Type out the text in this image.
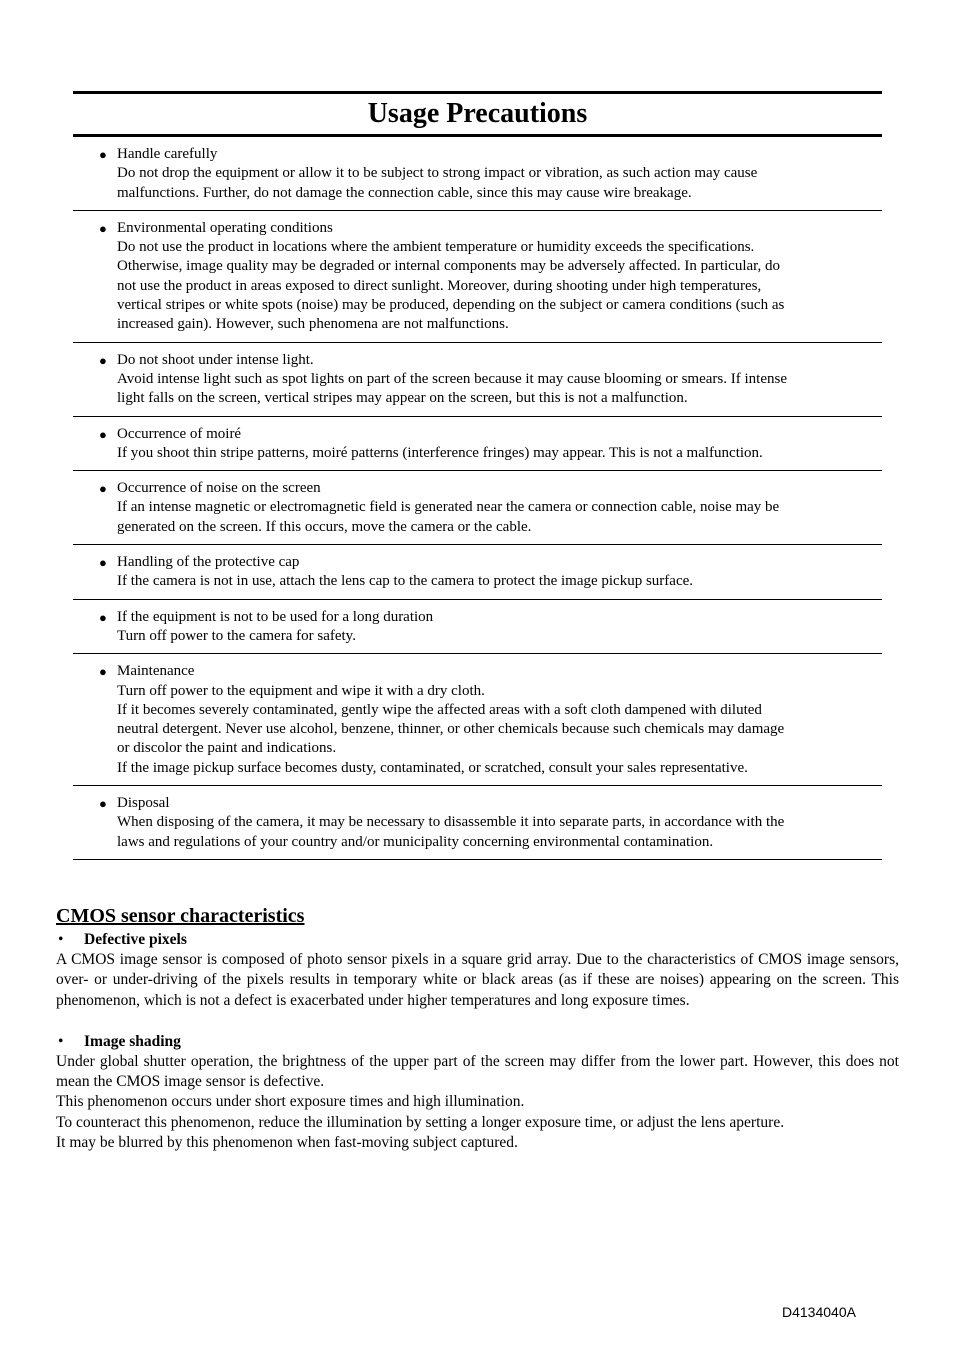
Usage Precautions
● Handle carefully
Do not drop the equipment or allow it to be subject to strong impact or vibration, as such action may cause
malfunctions. Further, do not damage the connection cable, since this may cause wire breakage.
● Environmental operating conditions
Do not use the product in locations where the ambient temperature or humidity exceeds the specifications.
Otherwise, image quality may be degraded or internal components may be adversely affected. In particular, do
not use the product in areas exposed to direct sunlight. Moreover, during shooting under high temperatures,
vertical stripes or white spots (noise) may be produced, depending on the subject or camera conditions (such as
increased gain). However, such phenomena are not malfunctions.
● Do not shoot under intense light.
Avoid intense light such as spot lights on part of the screen because it may cause blooming or smears. If intense
light falls on the screen, vertical stripes may appear on the screen, but this is not a malfunction.
● Occurrence of moiré
If you shoot thin stripe patterns, moiré patterns (interference fringes) may appear. This is not a malfunction.
● Occurrence of noise on the screen
If an intense magnetic or electromagnetic field is generated near the camera or connection cable, noise may be
generated on the screen. If this occurs, move the camera or the cable.
● Handling of the protective cap
If the camera is not in use, attach the lens cap to the camera to protect the image pickup surface.
● If the equipment is not to be used for a long duration
Turn off power to the camera for safety.
● Maintenance
Turn off power to the equipment and wipe it with a dry cloth.
If it becomes severely contaminated, gently wipe the affected areas with a soft cloth dampened with diluted
neutral detergent. Never use alcohol, benzene, thinner, or other chemicals because such chemicals may damage
or discolor the paint and indications.
If the image pickup surface becomes dusty, contaminated, or scratched, consult your sales representative.
● Disposal
When disposing of the camera, it may be necessary to disassemble it into separate parts, in accordance with the
laws and regulations of your country and/or municipality concerning environmental contamination.
CMOS sensor characteristics
• Defective pixels
A CMOS image sensor is composed of photo sensor pixels in a square grid array. Due to the characteristics of CMOS image sensors, over- or under-driving of the pixels results in temporary white or black areas (as if these are noises) appearing on the screen. This phenomenon, which is not a defect is exacerbated under higher temperatures and long exposure times.
• Image shading
Under global shutter operation, the brightness of the upper part of the screen may differ from the lower part. However, this does not mean the CMOS image sensor is defective.
This phenomenon occurs under short exposure times and high illumination.
To counteract this phenomenon, reduce the illumination by setting a longer exposure time, or adjust the lens aperture.
It may be blurred by this phenomenon when fast-moving subject captured.
D4134040A
